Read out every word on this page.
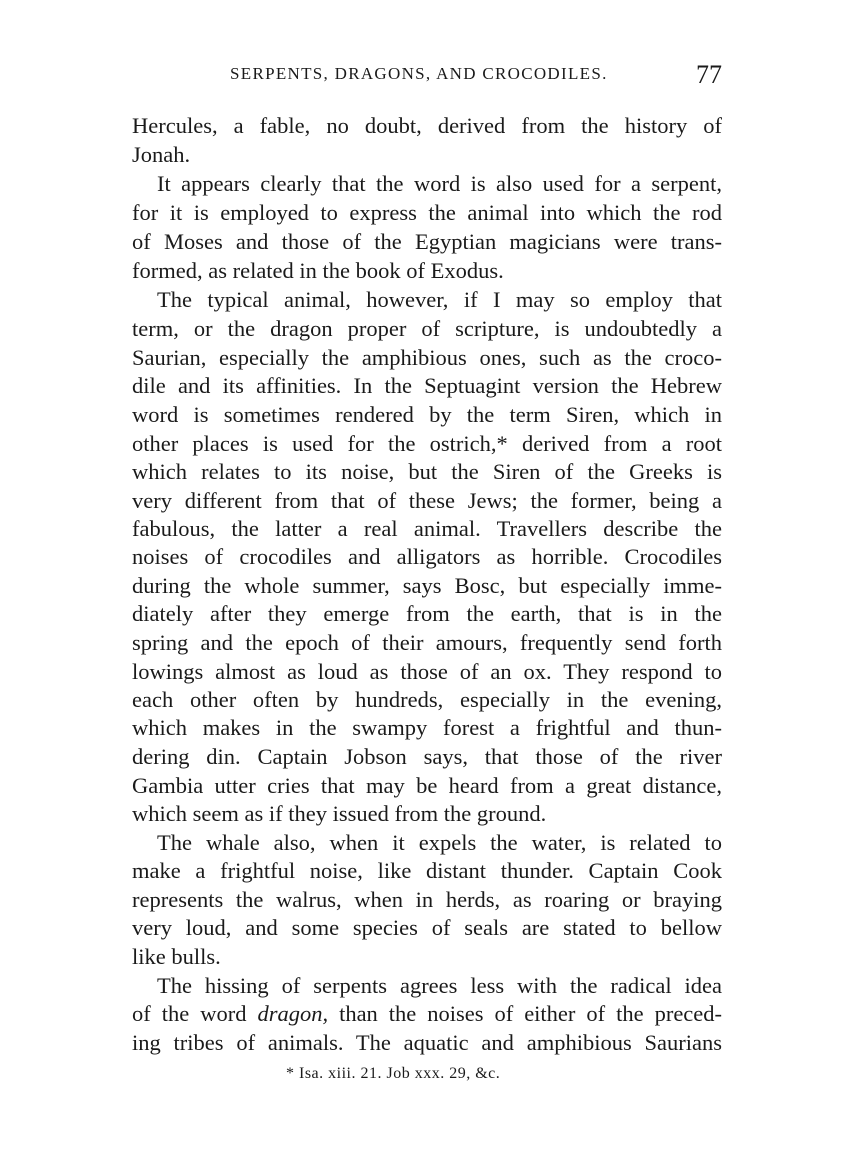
SERPENTS, DRAGONS, AND CROCODILES.	77
Hercules, a fable, no doubt, derived from the history of
Jonah.
It appears clearly that the word is also used for a serpent,
for it is employed to express the animal into which the rod
of Moses and those of the Egyptian magicians were trans-
formed, as related in the book of Exodus.
The typical animal, however, if I may so employ that
term, or the dragon proper of scripture, is undoubtedly a
Saurian, especially the amphibious ones, such as the croco-
dile and its affinities. In the Septuagint version the Hebrew
word is sometimes rendered by the term Siren, which in
other places is used for the ostrich,* derived from a root
which relates to its noise, but the Siren of the Greeks is
very different from that of these Jews; the former, being a
fabulous, the latter a real animal. Travellers describe the
noises of crocodiles and alligators as horrible. Crocodiles
during the whole summer, says Bosc, but especially imme-
diately after they emerge from the earth, that is in the
spring and the epoch of their amours, frequently send forth
lowings almost as loud as those of an ox. They respond to
each other often by hundreds, especially in the evening,
which makes in the swampy forest a frightful and thun-
dering din. Captain Jobson says, that those of the river
Gambia utter cries that may be heard from a great distance,
which seem as if they issued from the ground.
The whale also, when it expels the water, is related to
make a frightful noise, like distant thunder. Captain Cook
represents the walrus, when in herds, as roaring or braying
very loud, and some species of seals are stated to bellow
like bulls.
The hissing of serpents agrees less with the radical idea
of the word dragon, than the noises of either of the preced-
ing tribes of animals. The aquatic and amphibious Saurians
* Isa. xiii. 21. Job xxx. 29, &c.
